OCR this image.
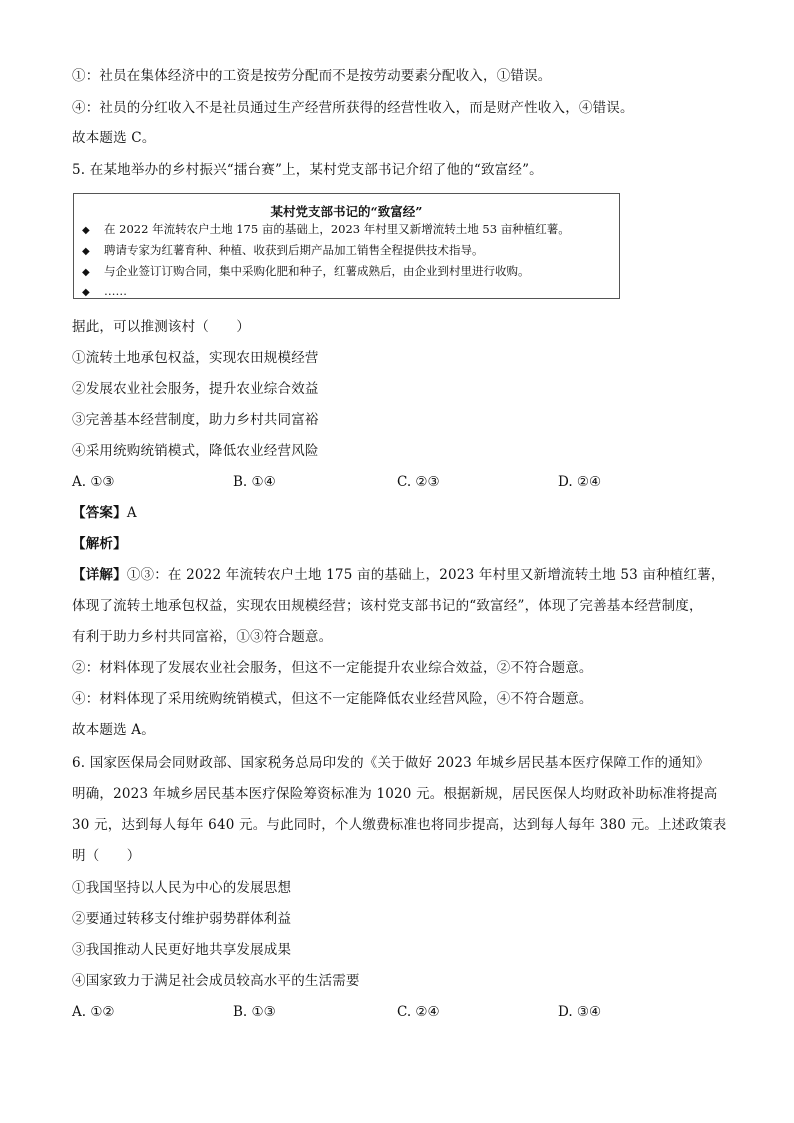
①：社员在集体经济中的工资是按劳分配而不是按劳动要素分配收入，①错误。
④：社员的分红收入不是社员通过生产经营所获得的经营性收入，而是财产性收入，④错误。
故本题选 C。
5. 在某地举办的乡村振兴“擂台赛”上，某村党支部书记介绍了他的“致富经”。
某村党支部书记的“致富经”
◆ 在 2022 年流转农户土地 175 亩的基础上，2023 年村里又新增流转土地 53 亩种植红薯。
◆ 聘请专家为红薯育种、种植、收获到后期产品加工销售全程提供技术指导。
◆ 与企业签订订购合同，集中采购化肥和种子，红薯成熟后，由企业到村里进行收购。
◆ ……
据此，可以推测该村（　　）
①流转土地承包权益，实现农田规模经营
②发展农业社会服务，提升农业综合效益
③完善基本经营制度，助力乡村共同富裕
④采用统购统销模式，降低农业经营风险
A. ①③	B. ①④	C. ②③	D. ②④
【答案】A
【解析】
【详解】①③：在 2022 年流转农户土地 175 亩的基础上，2023 年村里又新增流转土地 53 亩种植红薯，
体现了流转土地承包权益，实现农田规模经营；该村党支部书记的“致富经”，体现了完善基本经营制度，
有利于助力乡村共同富裕，①③符合题意。
②：材料体现了发展农业社会服务，但这不一定能提升农业综合效益，②不符合题意。
④：材料体现了采用统购统销模式，但这不一定能降低农业经营风险，④不符合题意。
故本题选 A。
6. 国家医保局会同财政部、国家税务总局印发的《关于做好 2023 年城乡居民基本医疗保障工作的通知》
明确，2023 年城乡居民基本医疗保险筹资标准为 1020 元。根据新规，居民医保人均财政补助标准将提高
30 元，达到每人每年 640 元。与此同时，个人缴费标准也将同步提高，达到每人每年 380 元。上述政策表
明（　　）
①我国坚持以人民为中心的发展思想
②要通过转移支付维护弱势群体利益
③我国推动人民更好地共享发展成果
④国家致力于满足社会成员较高水平的生活需要
A. ①②	B. ①③	C. ②④	D. ③④
